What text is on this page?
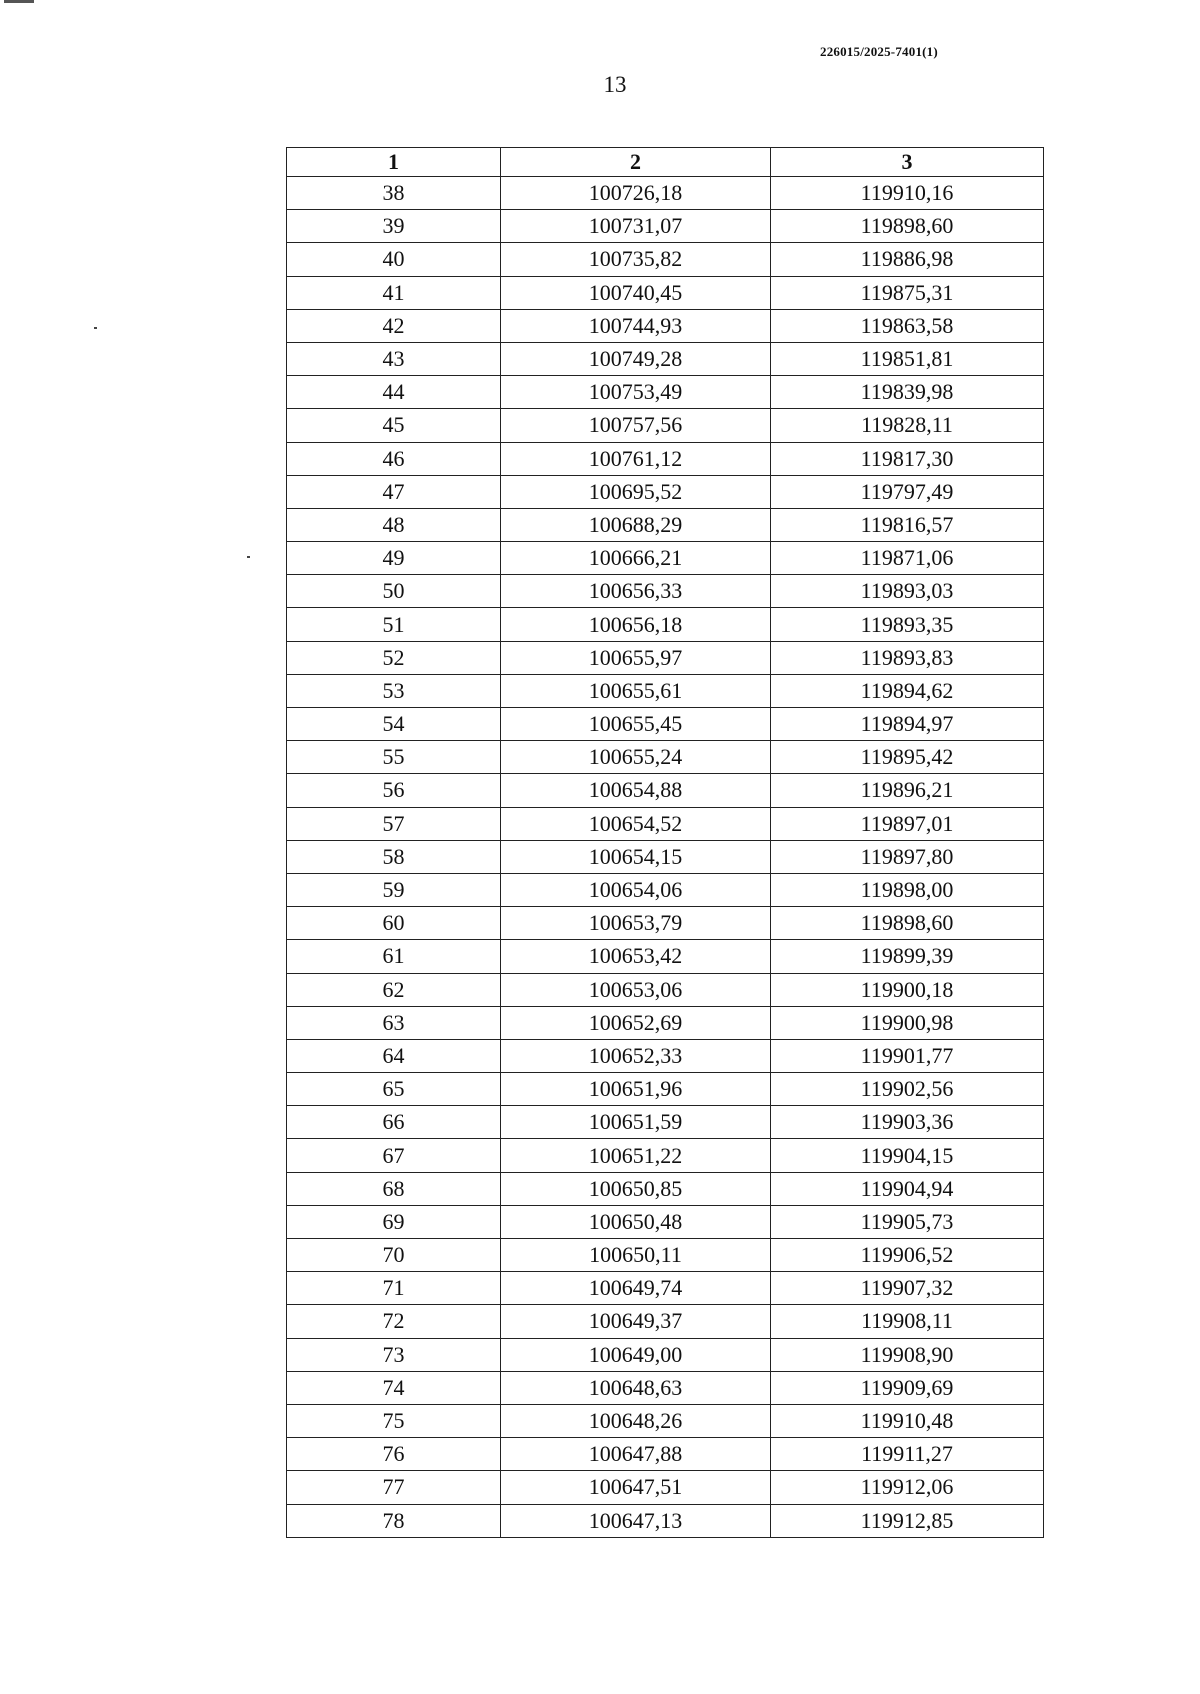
226015/2025-7401(1)
13
1	2	3
38	100726,18	119910,16
39	100731,07	119898,60
40	100735,82	119886,98
41	100740,45	119875,31
42	100744,93	119863,58
43	100749,28	119851,81
44	100753,49	119839,98
45	100757,56	119828,11
46	100761,12	119817,30
47	100695,52	119797,49
48	100688,29	119816,57
49	100666,21	119871,06
50	100656,33	119893,03
51	100656,18	119893,35
52	100655,97	119893,83
53	100655,61	119894,62
54	100655,45	119894,97
55	100655,24	119895,42
56	100654,88	119896,21
57	100654,52	119897,01
58	100654,15	119897,80
59	100654,06	119898,00
60	100653,79	119898,60
61	100653,42	119899,39
62	100653,06	119900,18
63	100652,69	119900,98
64	100652,33	119901,77
65	100651,96	119902,56
66	100651,59	119903,36
67	100651,22	119904,15
68	100650,85	119904,94
69	100650,48	119905,73
70	100650,11	119906,52
71	100649,74	119907,32
72	100649,37	119908,11
73	100649,00	119908,90
74	100648,63	119909,69
75	100648,26	119910,48
76	100647,88	119911,27
77	100647,51	119912,06
78	100647,13	119912,85
